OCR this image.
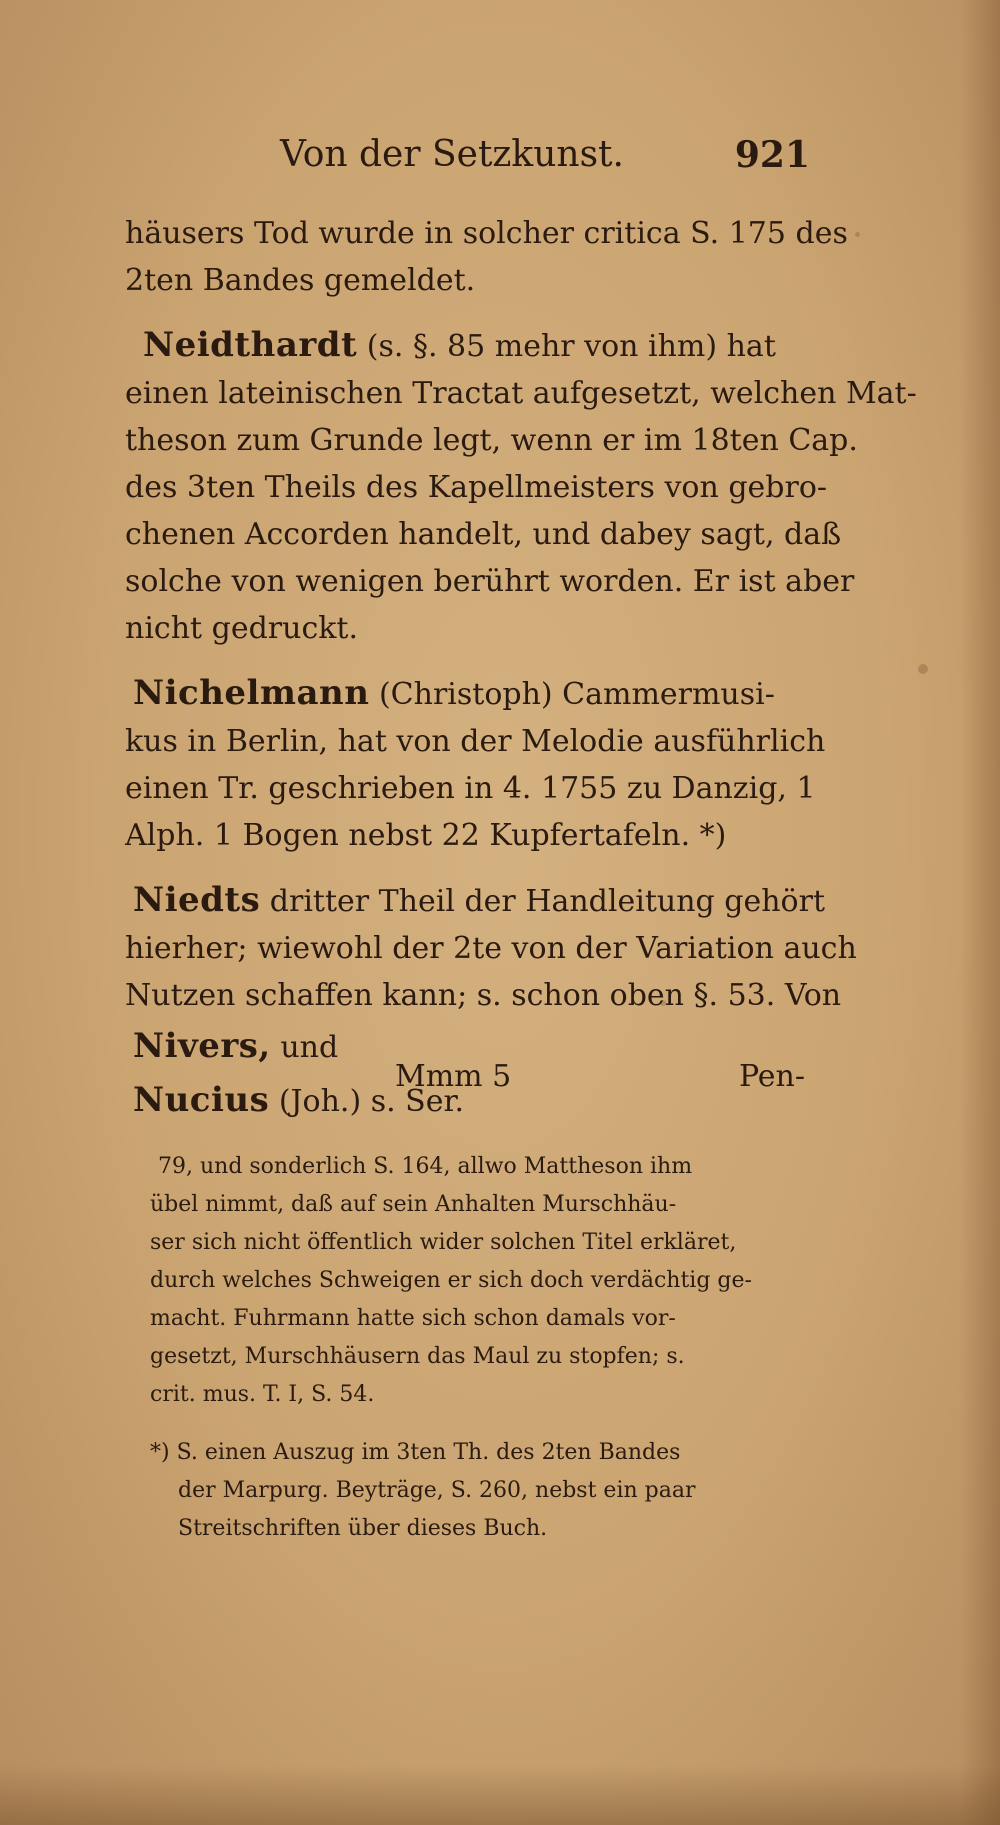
Von der Setzkunst.	921

häusers Tod wurde in solcher critica S. 175 des
2ten Bandes gemeldet.

Neidthardt (s. §. 85 mehr von ihm) hat
einen lateinischen Tractat aufgesetzt, welchen Mat-
theson zum Grunde legt, wenn er im 18ten Cap.
des 3ten Theils des Kapellmeisters von gebro-
chenen Accorden handelt, und dabey sagt, daß
solche von wenigen berührt worden. Er ist aber
nicht gedruckt.

Nichelmann (Christoph) Cammermusi-
kus in Berlin, hat von der Melodie ausführlich
einen Tr. geschrieben in 4. 1755 zu Danzig, 1
Alph. 1 Bogen nebst 22 Kupfertafeln. *)

Niedts dritter Theil der Handleitung gehört
hierher; wiewohl der 2te von der Variation auch
Nutzen schaffen kann; s. schon oben §. 53. Von

Nivers, und

Nucius (Joh.) s. Ser.

Mmm 5	Pen-

79, und sonderlich S. 164, allwo Mattheson ihm
übel nimmt, daß auf sein Anhalten Murschhäu-
ser sich nicht öffentlich wider solchen Titel erkläret,
durch welches Schweigen er sich doch verdächtig ge-
macht. Fuhrmann hatte sich schon damals vor-
gesetzt, Murschhäusern das Maul zu stopfen; s.
crit. mus. T. I, S. 54.

*) S. einen Auszug im 3ten Th. des 2ten Bandes
der Marpurg. Beyträge, S. 260, nebst ein paar
Streitschriften über dieses Buch.
